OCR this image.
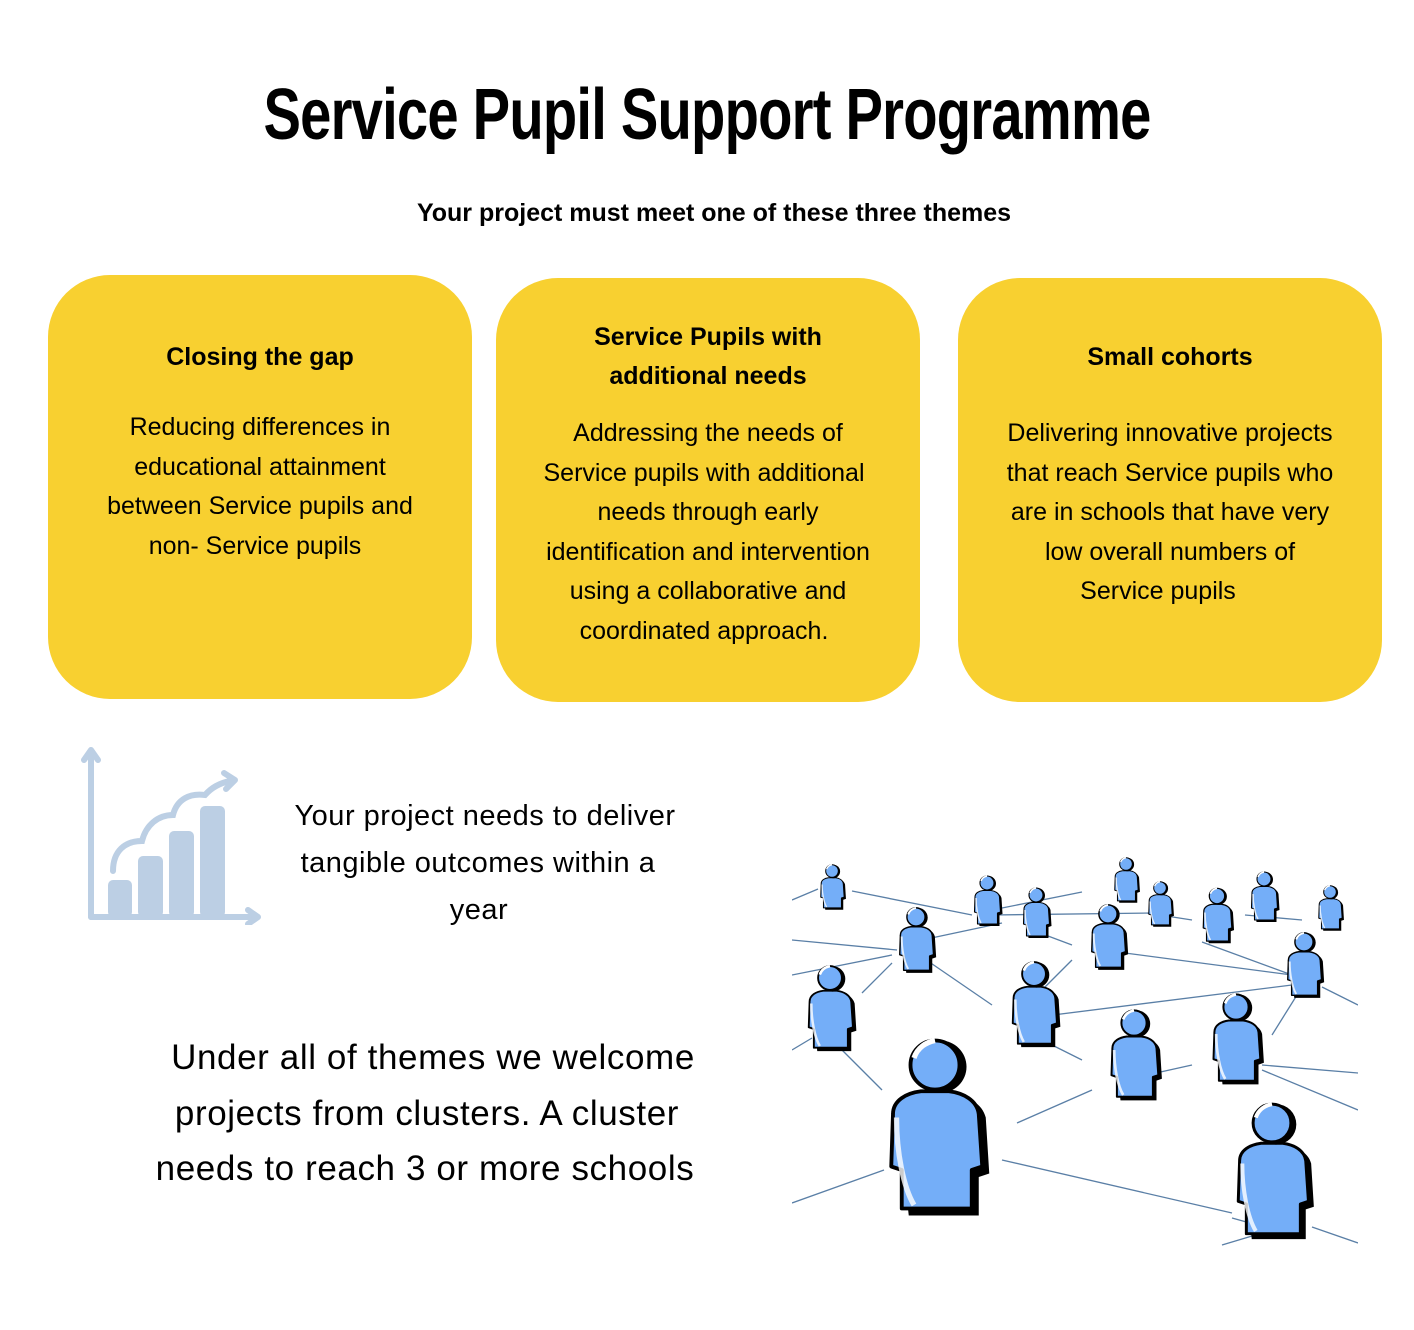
Service Pupil Support Programme
Your project must meet one of these three themes
Closing the gap
Reducing differences in
educational attainment
between Service pupils and
non- Service pupils
Service Pupils with
additional needs
Addressing the needs of
Service pupils with additional
needs through early
identification and intervention
using a collaborative and
coordinated approach.
Small cohorts
Delivering innovative projects
that reach Service pupils who
are in schools that have very
low overall numbers of
Service pupils
Your project needs to deliver
tangible outcomes within a
year
Under all of themes we welcome
projects from clusters. A cluster
needs to reach 3 or more schools
